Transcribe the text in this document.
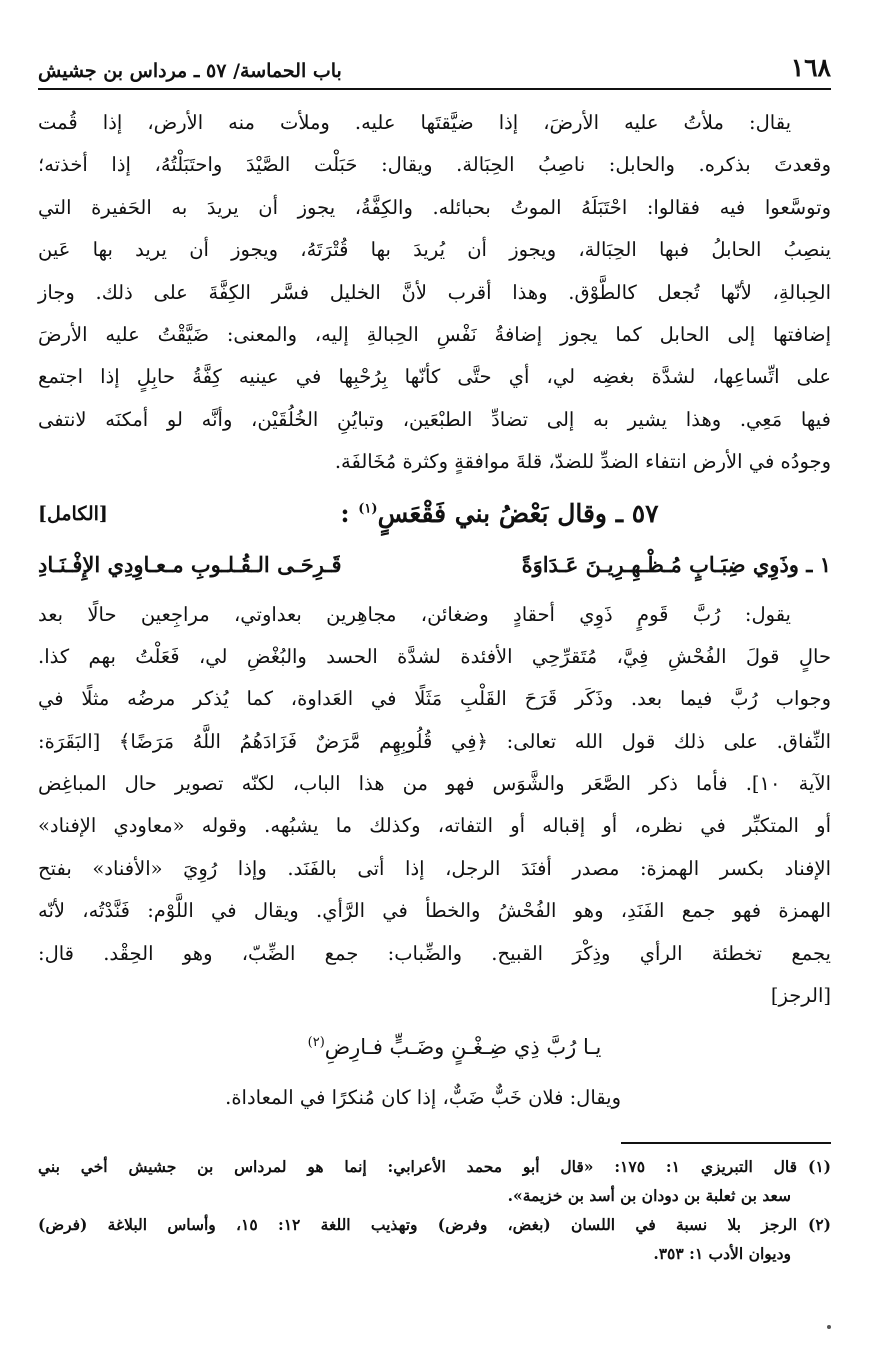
١٦٨
باب الحماسة/ ٥٧ ـ مرداس بن جشيش
يقال: ملأتُ عليه الأرضَ، إذا ضيَّقتَها عليه. وملأت منه الأرض، إذا قُمت
وقعدتَ بذكره. والحابل: ناصِبُ الحِبَالة. ويقال: حَبَلْت الصَّيْدَ واحتَبَلْتُهُ، إذا أخذته؛
وتوسَّعوا فيه فقالوا: احْتَبَلَهُ الموتُ بحبائله. والكِفَّةُ، يجوز أن يريدَ به الحَفيرة التي
ينصِبُ الحابلُ فبها الحِبَالة، ويجوز أن يُريدَ بها قُتْرَتَهُ، ويجوز أن يريد بها عَين
الحِبالةِ، لأنّها تُجعل كالطَّوْق. وهذا أقرب لأنَّ الخليل فسَّر الكِفَّةَ على ذلك. وجاز
إضافتها إلى الحابل كما يجوز إضافةُ نَفْسِ الحِبالةِ إليه، والمعنى: ضَيَّقْتُ عليه الأرضَ
على اتِّساعِها، لشدَّة بغضِه لي، أي حتَّى كأنّها بِرُحْبِها في عينيه كِفَّةُ حابِلٍ إذا اجتمع
فيها مَعِي. وهذا يشير به إلى تضادِّ الطبْعَين، وتبايُنِ الخُلُقَيْن، وأنَّه لو أمكنَه لانتفى
وجودُه في الأرض انتفاء الضدِّ للضدّ، قلةَ موافقةٍ وكثرة مُخَالفَة.
٥٧ ـ وقال بَعْضُ بني فَقْعَسٍ$^{(١)}$ :
[الكامل]
١ ـ وذَوِي ضِبَـابٍ مُـظْـهِـرِيـنَ عَـدَاوَةً
قَـرِحَـى الـقُـلـوبِ مـعـاوِدِي الإِفْـنَـادِ
يقول: رُبَّ قَومٍ ذَوِي أحقادٍ وضغائن، مجاهِرين بعداوتي، مراجِعين حالًا بعد
حالٍ قولَ الفُحْشِ فِيَّ، مُتَقرِّحِي الأفئدة لشدَّة الحسد والبُغْضِ لي، فَعَلْتُ بهم كذا.
وجواب رُبَّ فيما بعد. وذَكَر قَرَحَ القَلْبِ مَثَلًا في العَداوة، كما يُذكر مرضُه مثلًا في
النِّفاق. على ذلك قول الله تعالى: ﴿فِي قُلُوبِهِم مَّرَضٌ فَزَادَهُمُ اللَّهُ مَرَضًا﴾ [البَقَرَة:
الآية ١٠]. فأما ذكر الصَّعَر والشَّوَس فهو من هذا الباب، لكنّه تصوير حال المباغِض
أو المتكبِّر في نظره، أو إقباله أو التفاته، وكذلك ما يشبُهه. وقوله «معاودي الإفناد»
الإفناد بكسر الهمزة: مصدر أفنَدَ الرجل، إذا أتى بالفَنَد. وإذا رُوِيَ «الأفناد» بفتح
الهمزة فهو جمع الفَنَدِ، وهو الفُحْشُ والخطأ في الرَّأي. ويقال في اللَّوْم: فَنَّدْتُه، لأنّه
يجمع تخطئة الرأي وذِكْرَ القبيح. والضِّباب: جمع الضِّبّ، وهو الحِقْد. قال:
[الرجز]
يـا رُبَّ ذِي ضِـغْـنٍ وضَـبٍّ فـارِضِ$^{(٢)}$
ويقال: فلان خَبٌّ ضَبٌّ، إذا كان مُنكرًا في المعاداة.
(١)قال التبريزي ١: ١٧٥: «قال أبو محمد الأعرابي: إنما هو لمرداس بن جشيش أخي بني
سعد بن ثعلبة بن دودان بن أسد بن خزيمة».
(٢)الرجز بلا نسبة في اللسان (بغض، وفرض) وتهذيب اللغة ١٢: ١٥، وأساس البلاغة (فرض)
وديوان الأدب ١: ٣٥٣.
